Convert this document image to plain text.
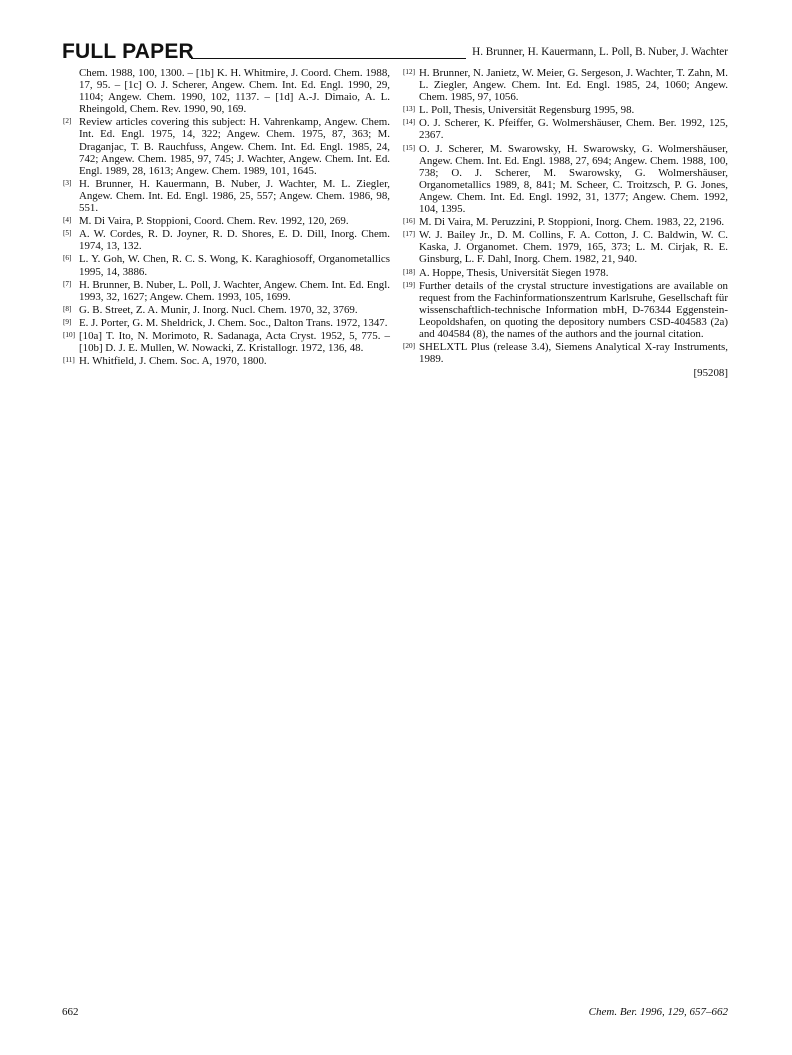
FULL PAPER	H. Brunner, H. Kauermann, L. Poll, B. Nuber, J. Wachter
Chem. 1988, 100, 1300. – [1b] K. H. Whitmire, J. Coord. Chem. 1988, 17, 95. – [1c] O. J. Scherer, Angew. Chem. Int. Ed. Engl. 1990, 29, 1104; Angew. Chem. 1990, 102, 1137. – [1d] A.-J. Dimaio, A. L. Rheingold, Chem. Rev. 1990, 90, 169.
[2] Review articles covering this subject: H. Vahrenkamp, Angew. Chem. Int. Ed. Engl. 1975, 14, 322; Angew. Chem. 1975, 87, 363; M. Draganjac, T. B. Rauchfuss, Angew. Chem. Int. Ed. Engl. 1985, 24, 742; Angew. Chem. 1985, 97, 745; J. Wachter, Angew. Chem. Int. Ed. Engl. 1989, 28, 1613; Angew. Chem. 1989, 101, 1645.
[3] H. Brunner, H. Kauermann, B. Nuber, J. Wachter, M. L. Ziegler, Angew. Chem. Int. Ed. Engl. 1986, 25, 557; Angew. Chem. 1986, 98, 551.
[4] M. Di Vaira, P. Stoppioni, Coord. Chem. Rev. 1992, 120, 269.
[5] A. W. Cordes, R. D. Joyner, R. D. Shores, E. D. Dill, Inorg. Chem. 1974, 13, 132.
[6] L. Y. Goh, W. Chen, R. C. S. Wong, K. Karaghiosoff, Organometallics 1995, 14, 3886.
[7] H. Brunner, B. Nuber, L. Poll, J. Wachter, Angew. Chem. Int. Ed. Engl. 1993, 32, 1627; Angew. Chem. 1993, 105, 1699.
[8] G. B. Street, Z. A. Munir, J. Inorg. Nucl. Chem. 1970, 32, 3769.
[9] E. J. Porter, G. M. Sheldrick, J. Chem. Soc., Dalton Trans. 1972, 1347.
[10] [10a] T. Ito, N. Morimoto, R. Sadanaga, Acta Cryst. 1952, 5, 775. – [10b] D. J. E. Mullen, W. Nowacki, Z. Kristallogr. 1972, 136, 48.
[11] H. Whitfield, J. Chem. Soc. A, 1970, 1800.
[12] H. Brunner, N. Janietz, W. Meier, G. Sergeson, J. Wachter, T. Zahn, M. L. Ziegler, Angew. Chem. Int. Ed. Engl. 1985, 24, 1060; Angew. Chem. 1985, 97, 1056.
[13] L. Poll, Thesis, Universität Regensburg 1995, 98.
[14] O. J. Scherer, K. Pfeiffer, G. Wolmershäuser, Chem. Ber. 1992, 125, 2367.
[15] O. J. Scherer, M. Swarowsky, H. Swarowsky, G. Wolmershäuser, Angew. Chem. Int. Ed. Engl. 1988, 27, 694; Angew. Chem. 1988, 100, 738; O. J. Scherer, M. Swarowsky, G. Wolmershäuser, Organometallics 1989, 8, 841; M. Scheer, C. Troitzsch, P. G. Jones, Angew. Chem. Int. Ed. Engl. 1992, 31, 1377; Angew. Chem. 1992, 104, 1395.
[16] M. Di Vaira, M. Peruzzini, P. Stoppioni, Inorg. Chem. 1983, 22, 2196.
[17] W. J. Bailey Jr., D. M. Collins, F. A. Cotton, J. C. Baldwin, W. C. Kaska, J. Organomet. Chem. 1979, 165, 373; L. M. Cirjak, R. E. Ginsburg, L. F. Dahl, Inorg. Chem. 1982, 21, 940.
[18] A. Hoppe, Thesis, Universität Siegen 1978.
[19] Further details of the crystal structure investigations are available on request from the Fachinformationszentrum Karlsruhe, Gesellschaft für wissenschaftlich-technische Information mbH, D-76344 Eggenstein-Leopoldshafen, on quoting the depository numbers CSD-404583 (2a) and 404584 (8), the names of the authors and the journal citation.
[20] SHELXTL Plus (release 3.4), Siemens Analytical X-ray Instruments, 1989.
[95208]
662	Chem. Ber. 1996, 129, 657–662
